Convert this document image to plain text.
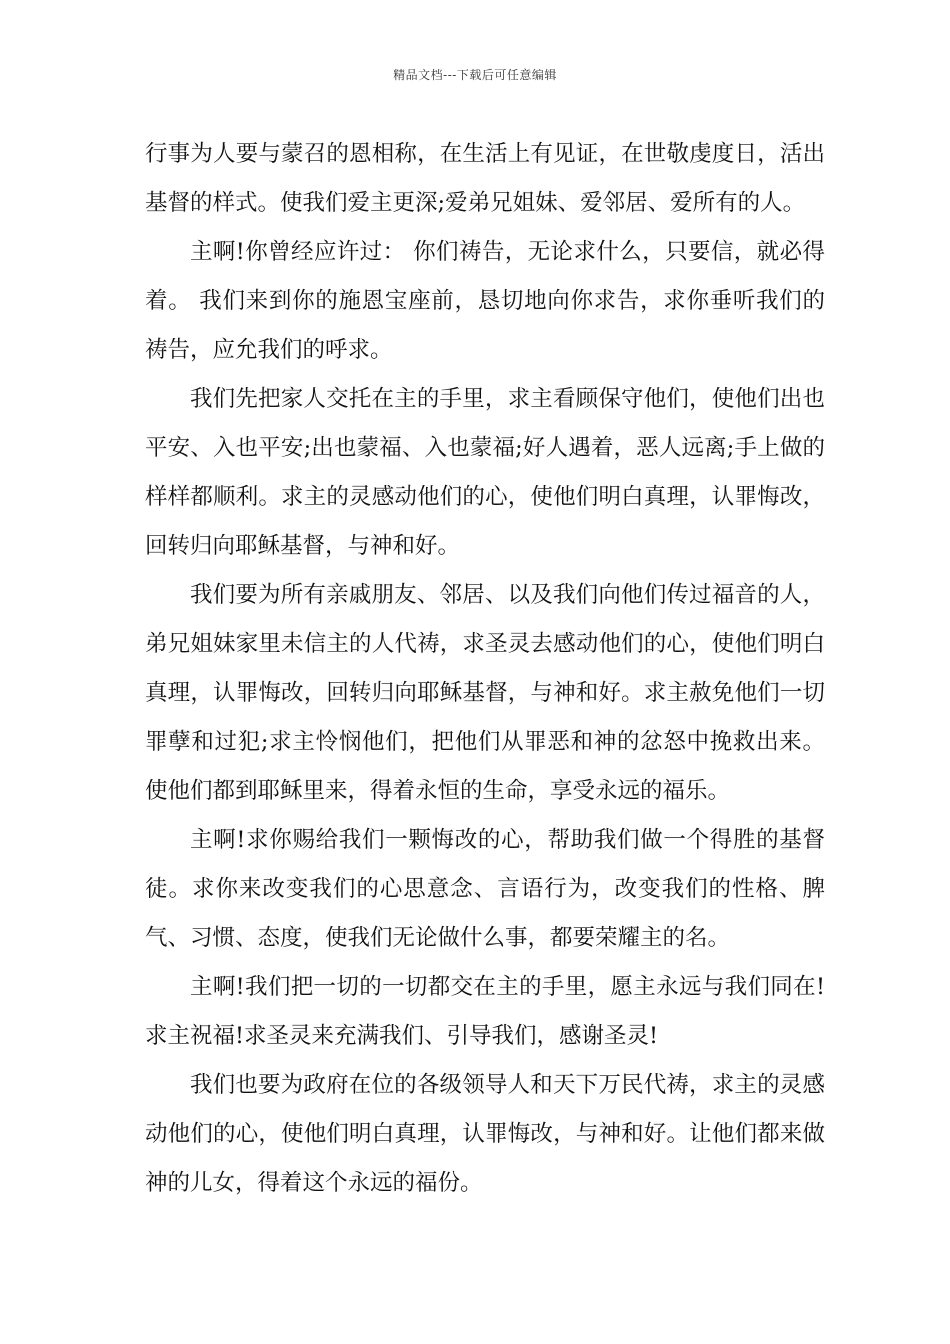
精品文档---下载后可任意编辑

行事为人要与蒙召的恩相称，在生活上有见证，在世敬虔度日，活出基督的样式。使我们爱主更深;爱弟兄姐妹、爱邻居、爱所有的人。

主啊!你曾经应许过： 你们祷告，无论求什么，只要信，就必得着。 我们来到你的施恩宝座前，恳切地向你求告，求你垂听我们的祷告，应允我们的呼求。

我们先把家人交托在主的手里，求主看顾保守他们，使他们出也平安、入也平安;出也蒙福、入也蒙福;好人遇着，恶人远离;手上做的样样都顺利。求主的灵感动他们的心，使他们明白真理，认罪悔改，回转归向耶稣基督，与神和好。

我们要为所有亲戚朋友、邻居、以及我们向他们传过福音的人，弟兄姐妹家里未信主的人代祷，求圣灵去感动他们的心，使他们明白真理，认罪悔改，回转归向耶稣基督，与神和好。求主赦免他们一切罪孽和过犯;求主怜悯他们，把他们从罪恶和神的忿怒中挽救出来。使他们都到耶稣里来，得着永恒的生命，享受永远的福乐。

主啊!求你赐给我们一颗悔改的心，帮助我们做一个得胜的基督徒。求你来改变我们的心思意念、言语行为，改变我们的性格、脾气、习惯、态度，使我们无论做什么事，都要荣耀主的名。

主啊!我们把一切的一切都交在主的手里，愿主永远与我们同在!求主祝福!求圣灵来充满我们、引导我们，感谢圣灵!

我们也要为政府在位的各级领导人和天下万民代祷，求主的灵感动他们的心，使他们明白真理，认罪悔改，与神和好。让他们都来做神的儿女，得着这个永远的福份。
